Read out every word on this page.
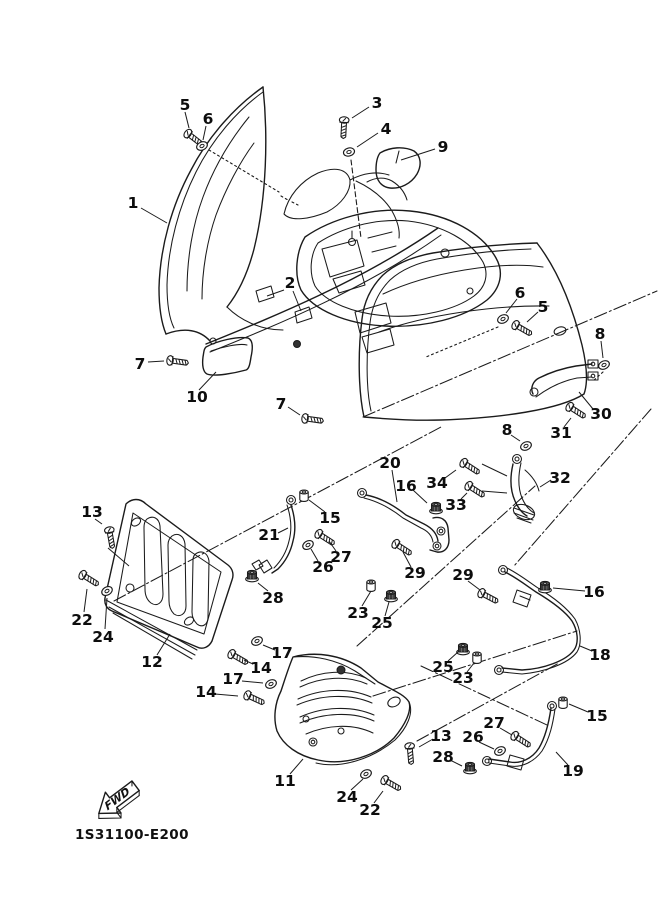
1
2
3
4
5
6
9
7
10	7
6
5
8
30
31
8
32
34
33
20
16
15
21
27
26	29
23
25
29
16
18
13
22
24
12
28
17
14
17
14
11
24
22
13
25
23
26
27
28
19
15
FWD
1S31100-E200
